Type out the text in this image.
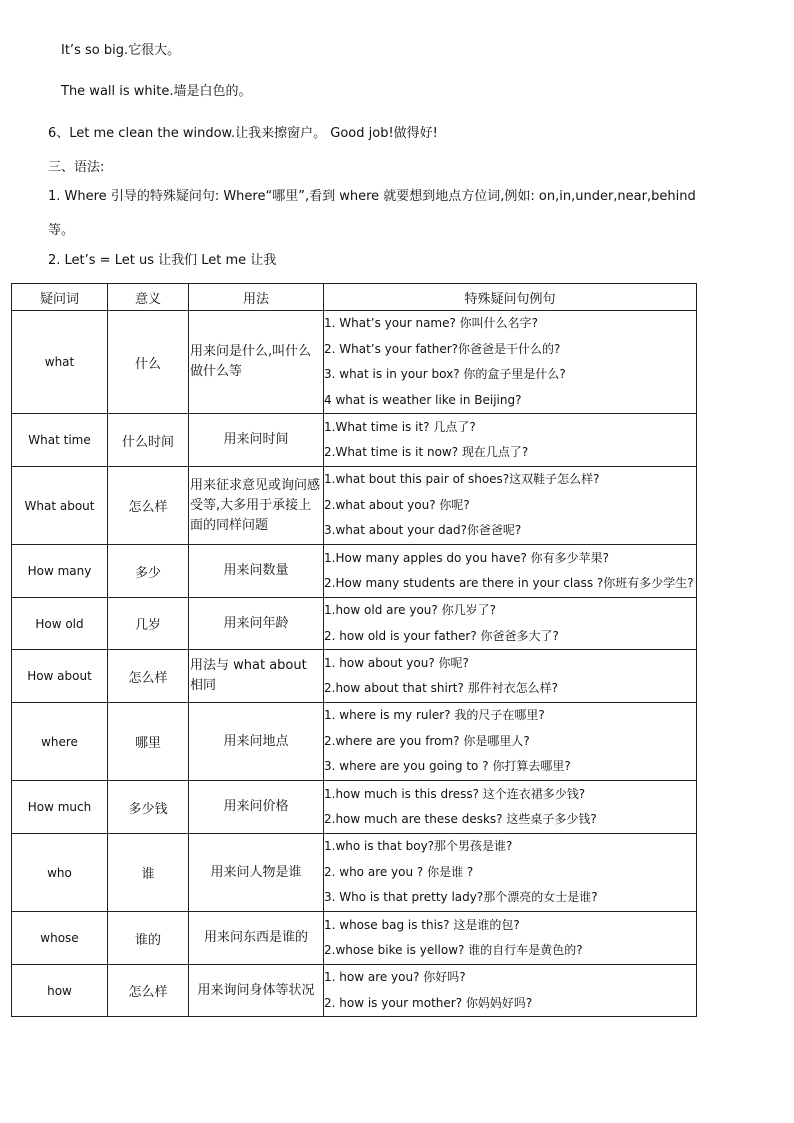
It’s so big.它很大。
The wall is white.墙是白色的。
6、Let me clean the window.让我来擦窗户。 Good job!做得好!
三、语法:
1. Where 引导的特殊疑问句: Where“哪里”,看到 where 就要想到地点方位词,例如: on,in,under,near,behind
等。
2. Let’s = Let us 让我们 Let me 让我
疑问词	意义	用法	特殊疑问句例句
what	什么	用来问是什么,叫什么做什么等	1. What’s your name? 你叫什么名字?
2. What’s your father?你爸爸是干什么的?
3. what is in your box? 你的盒子里是什么?
4 what is weather like in Beijing?

What time	什么时间	用来问时间	1.What time is it? 几点了?
2.What time is it now? 现在几点了?

What about	怎么样	用来征求意见或询问感受等,大多用于承接上面的同样问题	1.what bout this pair of shoes?这双鞋子怎么样?
2.what about you? 你呢?
3.what about your dad?你爸爸呢?

How many	多少	用来问数量	1.How many apples do you have? 你有多少苹果?
2.How many students are there in your class ?你班有多少学生?

How old	几岁	用来问年龄	1.how old are you? 你几岁了?
2. how old is your father? 你爸爸多大了?

How about	怎么样	用法与 what about 相同	1. how about you? 你呢?
2.how about that shirt? 那件衬衣怎么样?

where	哪里	用来问地点	1. where is my ruler? 我的尺子在哪里?
2.where are you from? 你是哪里人?
3. where are you going to ? 你打算去哪里?

How much	多少钱	用来问价格	1.how much is this dress? 这个连衣裙多少钱?
2.how much are these desks? 这些桌子多少钱?

who	谁	用来问人物是谁	1.who is that boy?那个男孩是谁?
2. who are you ? 你是谁 ?
3. Who is that pretty lady?那个漂亮的女士是谁?

whose	谁的	用来问东西是谁的	1. whose bag is this? 这是谁的包?
2.whose bike is yellow? 谁的自行车是黄色的?

how	怎么样	用来询问身体等状况	1. how are you? 你好吗?
2. how is your mother? 你妈妈好吗?
